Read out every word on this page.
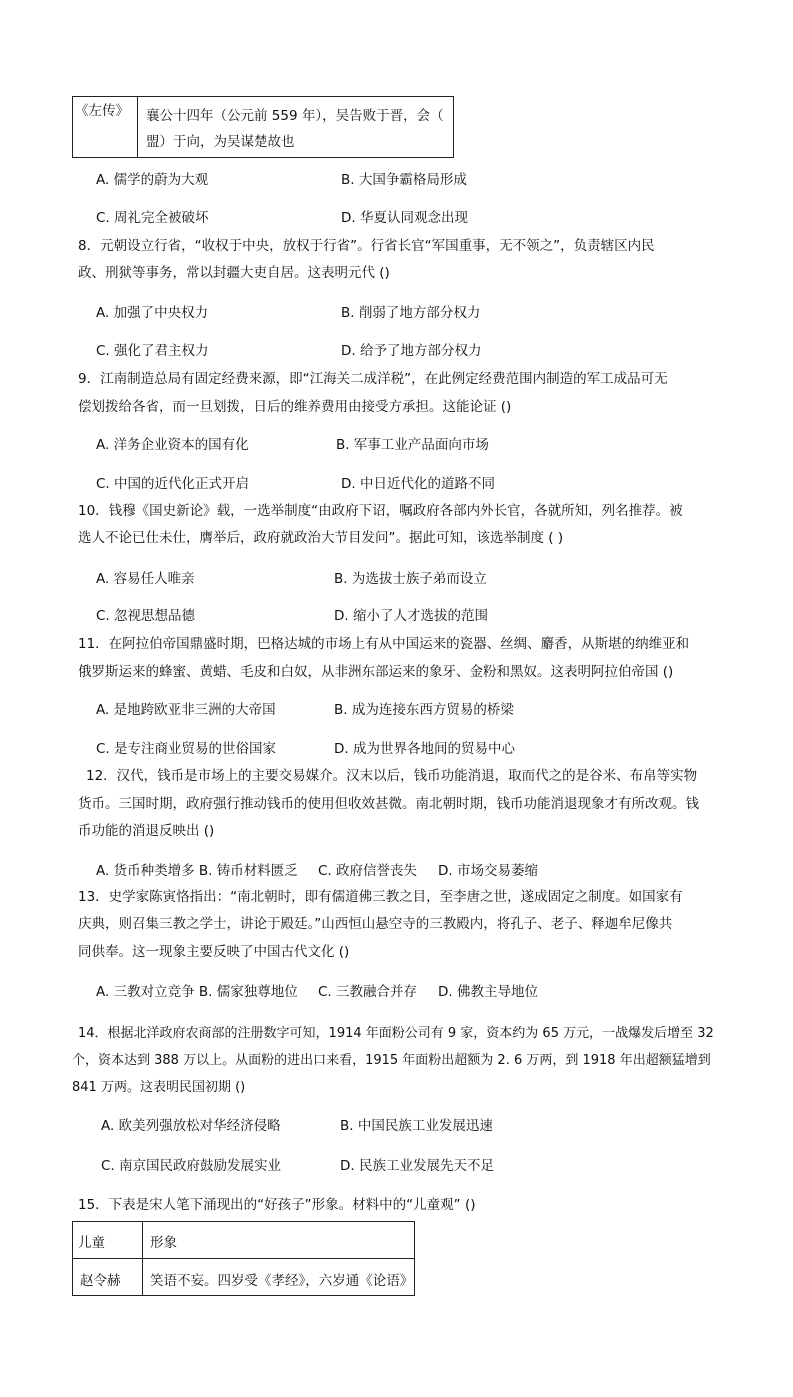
《左传》	襄公十四年（公元前 559 年），吴告败于晋，会（
盟）于向，为吴谋楚故也
A. 儒学的蔚为大观	B. 大国争霸格局形成
C. 周礼完全被破坏	D. 华夏认同观念出现
8．元朝设立行省，“收权于中央，放权于行省”。行省长官“军国重事，无不领之”，负责辖区内民
政、刑狱等事务，常以封疆大吏自居。这表明元代 ()
A. 加强了中央权力	B. 削弱了地方部分权力
C. 强化了君主权力	D. 给予了地方部分权力
9．江南制造总局有固定经费来源，即“江海关二成洋税”，在此例定经费范围内制造的军工成品可无
偿划拨给各省，而一旦划拨，日后的维养费用由接受方承担。这能论证 ()
A. 洋务企业资本的国有化	B. 军事工业产品面向市场
C. 中国的近代化正式开启	D. 中日近代化的道路不同
10．钱穆《国史新论》载，一选举制度“由政府下诏，嘱政府各部内外长官，各就所知，列名推荐。被
选人不论已仕未仕，膺举后，政府就政治大节目发问”。据此可知，该选举制度 ( )
A. 容易任人唯亲	B. 为选拔士族子弟而设立
C. 忽视思想品德	D. 缩小了人才选拔的范围
11．在阿拉伯帝国鼎盛时期，巴格达城的市场上有从中国运来的瓷器、丝绸、麝香，从斯堪的纳维亚和
俄罗斯运来的蜂蜜、黄蜡、毛皮和白奴，从非洲东部运来的象牙、金粉和黑奴。这表明阿拉伯帝国 ()
A. 是地跨欧亚非三洲的大帝国	B. 成为连接东西方贸易的桥梁
C. 是专注商业贸易的世俗国家	D. 成为世界各地间的贸易中心
12．汉代，钱币是市场上的主要交易媒介。汉末以后，钱币功能消退，取而代之的是谷米、布帛等实物
货币。三国时期，政府强行推动钱币的使用但收效甚微。南北朝时期，钱币功能消退现象才有所改观。钱
币功能的消退反映出 ()
A. 货币种类增多 B. 铸币材料匮乏 C. 政府信誉丧失 D. 市场交易萎缩
13．史学家陈寅恪指出：“南北朝时，即有儒道佛三教之目，至李唐之世，遂成固定之制度。如国家有
庆典，则召集三教之学士，讲论于殿廷。”山西恒山悬空寺的三教殿内，将孔子、老子、释迦牟尼像共
同供奉。这一现象主要反映了中国古代文化 ()
A. 三教对立竞争 B. 儒家独尊地位 C. 三教融合并存 D. 佛教主导地位
14．根据北洋政府农商部的注册数字可知，1914 年面粉公司有 9 家，资本约为 65 万元，一战爆发后增至 32
个，资本达到 388 万以上。从面粉的进出口来看，1915 年面粉出超额为 2. 6 万两，到 1918 年出超额猛增到
841 万两。这表明民国初期 ()
A. 欧美列强放松对华经济侵略	B. 中国民族工业发展迅速
C. 南京国民政府鼓励发展实业	D. 民族工业发展先天不足
15．下表是宋人笔下涌现出的“好孩子”形象。材料中的“儿童观” ()
儿童	形象
赵令赫	笑语不妄。四岁受《孝经》，六岁通《论语》
